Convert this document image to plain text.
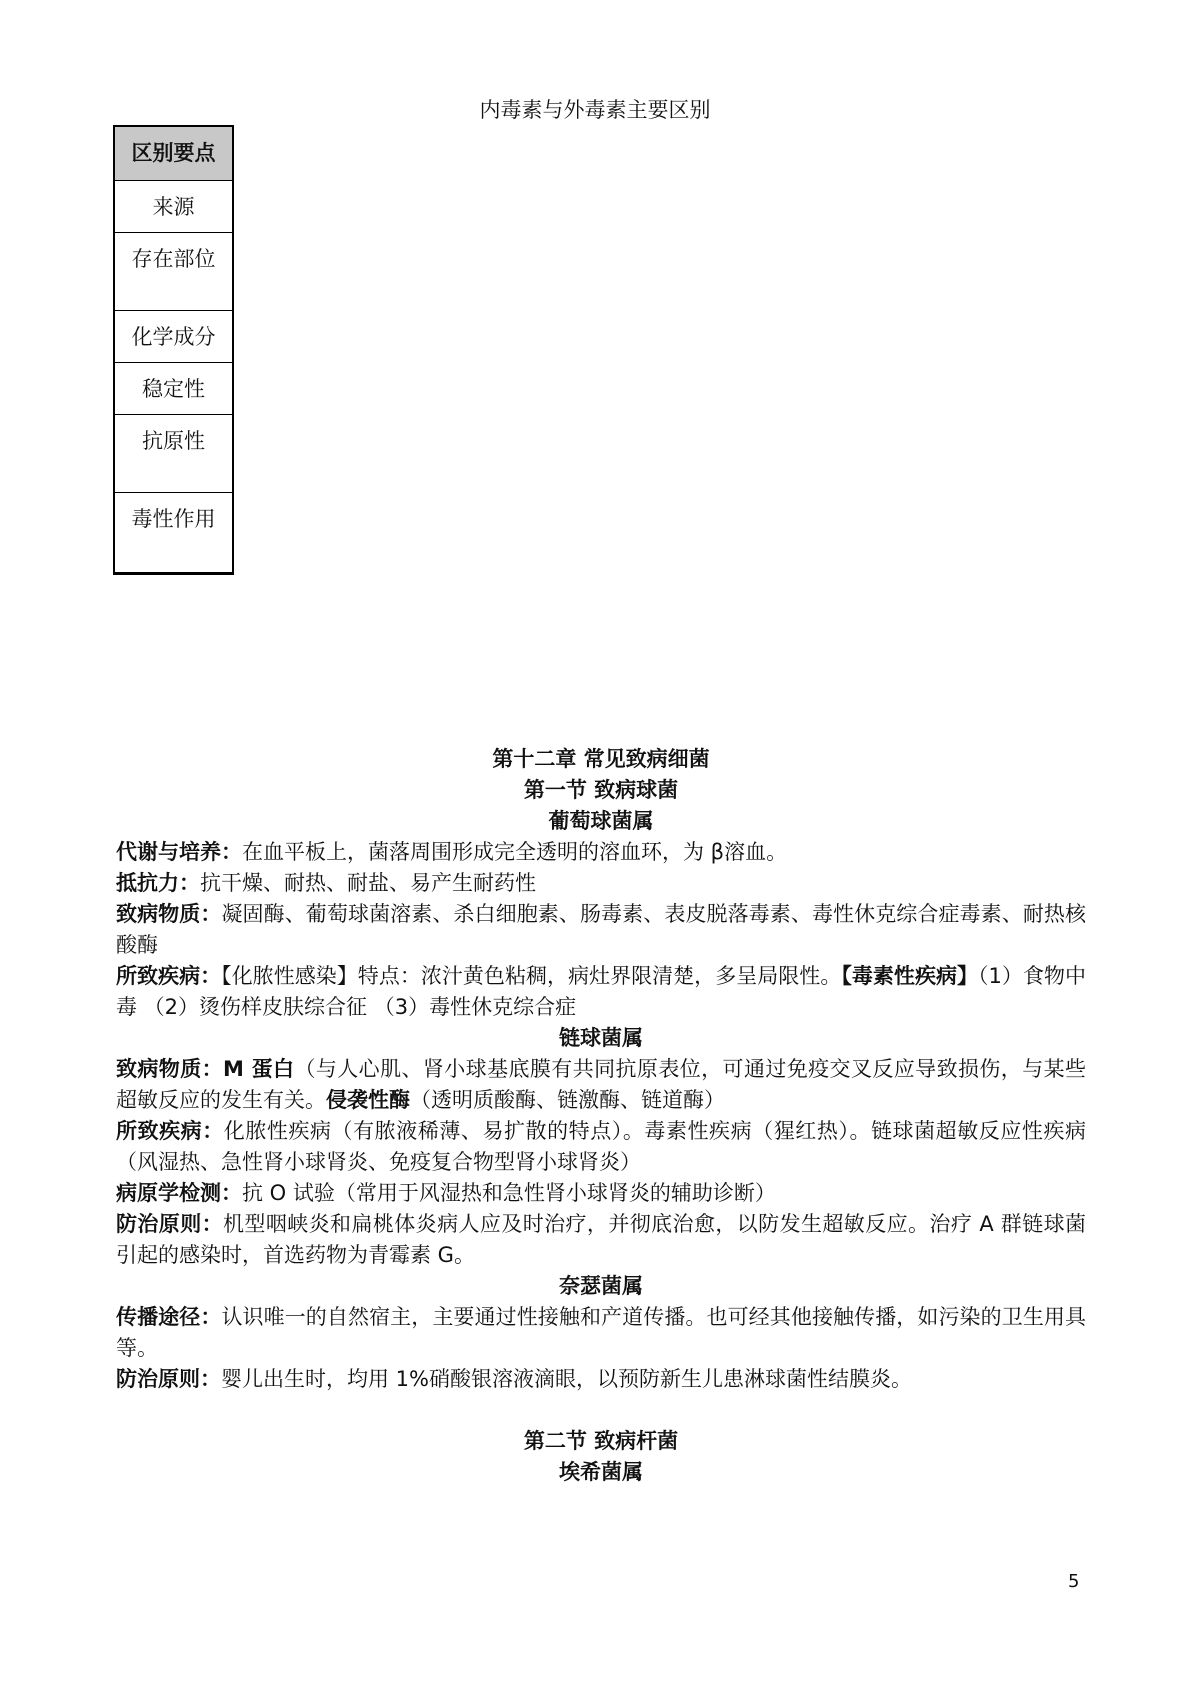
内毒素与外毒素主要区别
区别要点
来源
存在部位
化学成分
稳定性
抗原性
毒性作用
第十二章 常见致病细菌
第一节 致病球菌
葡萄球菌属
代谢与培养：在血平板上，菌落周围形成完全透明的溶血环，为 β溶血。
抵抗力：抗干燥、耐热、耐盐、易产生耐药性
致病物质：凝固酶、葡萄球菌溶素、杀白细胞素、肠毒素、表皮脱落毒素、毒性休克综合症毒素、耐热核酸酶
所致疾病：【化脓性感染】特点：浓汁黄色粘稠，病灶界限清楚，多呈局限性。【毒素性疾病】（1）食物中毒 （2）烫伤样皮肤综合征 （3）毒性休克综合症
链球菌属
致病物质：M 蛋白（与人心肌、肾小球基底膜有共同抗原表位，可通过免疫交叉反应导致损伤，与某些超敏反应的发生有关。侵袭性酶（透明质酸酶、链激酶、链道酶）
所致疾病：化脓性疾病（有脓液稀薄、易扩散的特点）。毒素性疾病（猩红热）。链球菌超敏反应性疾病（风湿热、急性肾小球肾炎、免疫复合物型肾小球肾炎）
病原学检测：抗 O 试验（常用于风湿热和急性肾小球肾炎的辅助诊断）
防治原则：机型咽峡炎和扁桃体炎病人应及时治疗，并彻底治愈，以防发生超敏反应。治疗 A 群链球菌引起的感染时，首选药物为青霉素 G。
奈瑟菌属
传播途径：认识唯一的自然宿主，主要通过性接触和产道传播。也可经其他接触传播，如污染的卫生用具等。
防治原则：婴儿出生时，均用 1%硝酸银溶液滴眼，以预防新生儿患淋球菌性结膜炎。
第二节 致病杆菌
埃希菌属
5
